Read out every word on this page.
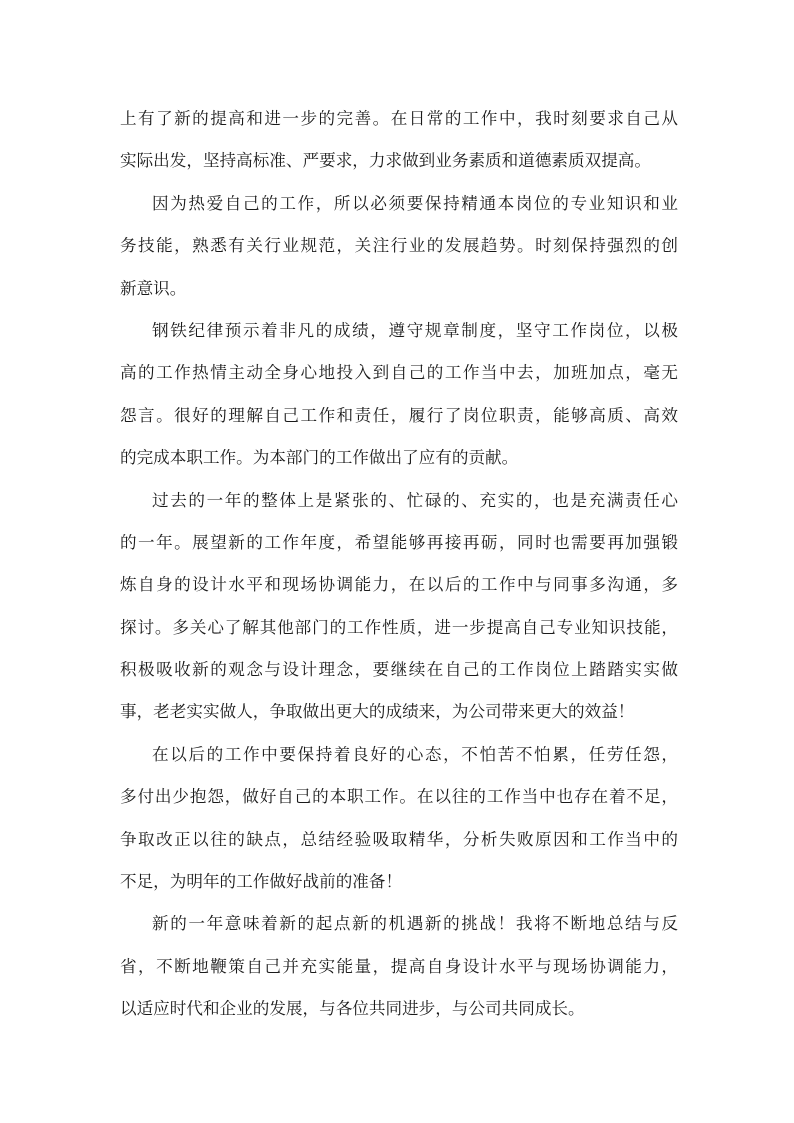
上有了新的提高和进一步的完善。在日常的工作中，我时刻要求自己从
实际出发，坚持高标准、严要求，力求做到业务素质和道德素质双提高。
因为热爱自己的工作，所以必须要保持精通本岗位的专业知识和业
务技能，熟悉有关行业规范，关注行业的发展趋势。时刻保持强烈的创
新意识。
钢铁纪律预示着非凡的成绩，遵守规章制度，坚守工作岗位，以极
高的工作热情主动全身心地投入到自己的工作当中去，加班加点，毫无
怨言。很好的理解自己工作和责任，履行了岗位职责，能够高质、高效
的完成本职工作。为本部门的工作做出了应有的贡献。
过去的一年的整体上是紧张的、忙碌的、充实的，也是充满责任心
的一年。展望新的工作年度，希望能够再接再砺，同时也需要再加强锻
炼自身的设计水平和现场协调能力，在以后的工作中与同事多沟通，多
探讨。多关心了解其他部门的工作性质，进一步提高自己专业知识技能，
积极吸收新的观念与设计理念，要继续在自己的工作岗位上踏踏实实做
事，老老实实做人，争取做出更大的成绩来，为公司带来更大的效益！
在以后的工作中要保持着良好的心态，不怕苦不怕累，任劳任怨，
多付出少抱怨，做好自己的本职工作。在以往的工作当中也存在着不足，
争取改正以往的缺点，总结经验吸取精华，分析失败原因和工作当中的
不足，为明年的工作做好战前的准备！
新的一年意味着新的起点新的机遇新的挑战！我将不断地总结与反
省，不断地鞭策自己并充实能量，提高自身设计水平与现场协调能力，
以适应时代和企业的发展，与各位共同进步，与公司共同成长。
